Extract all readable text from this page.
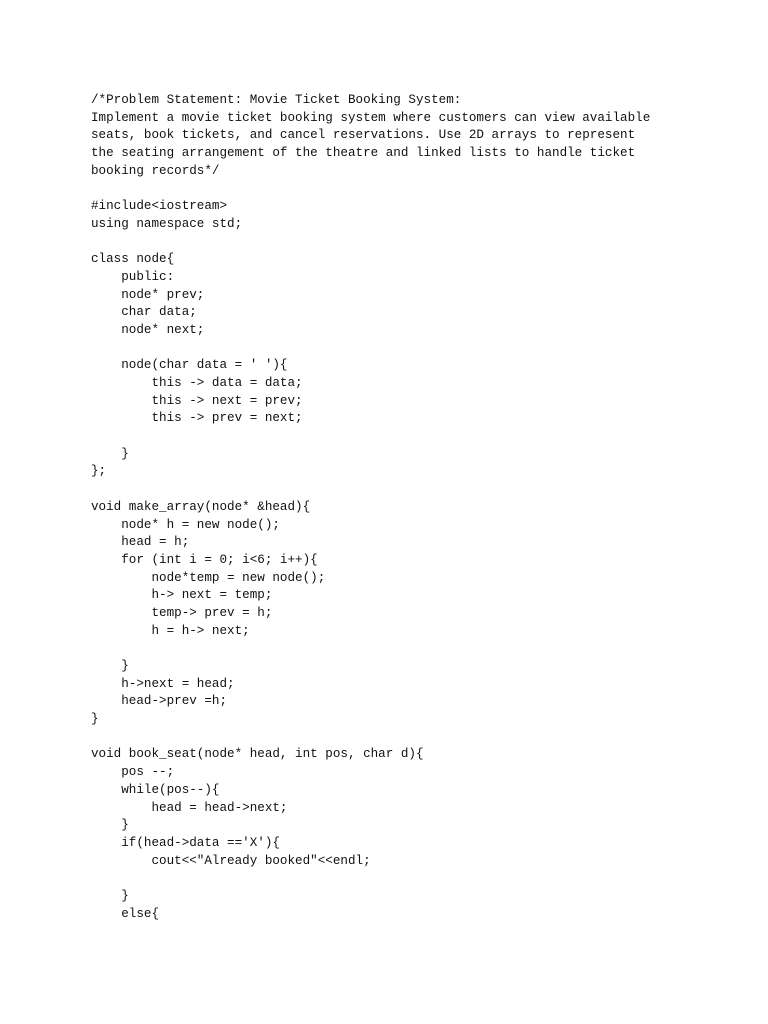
/*Problem Statement: Movie Ticket Booking System:
Implement a movie ticket booking system where customers can view available
seats, book tickets, and cancel reservations. Use 2D arrays to represent
the seating arrangement of the theatre and linked lists to handle ticket
booking records*/
#include<iostream>
using namespace std;
class node{
public:
node* prev;
char data;
node* next;
node(char data = ' '){
this -> data = data;
this -> next = prev;
this -> prev = next;
}
};
void make_array(node* &head){
node* h = new node();
head = h;
for (int i = 0; i<6; i++){
node*temp = new node();
h-> next = temp;
temp-> prev = h;
h = h-> next;
}
h->next = head;
head->prev =h;
}
void book_seat(node* head, int pos, char d){
pos --;
while(pos--){
head = head->next;
}
if(head->data =='X'){
cout<<"Already booked"<<endl;
}
else{
